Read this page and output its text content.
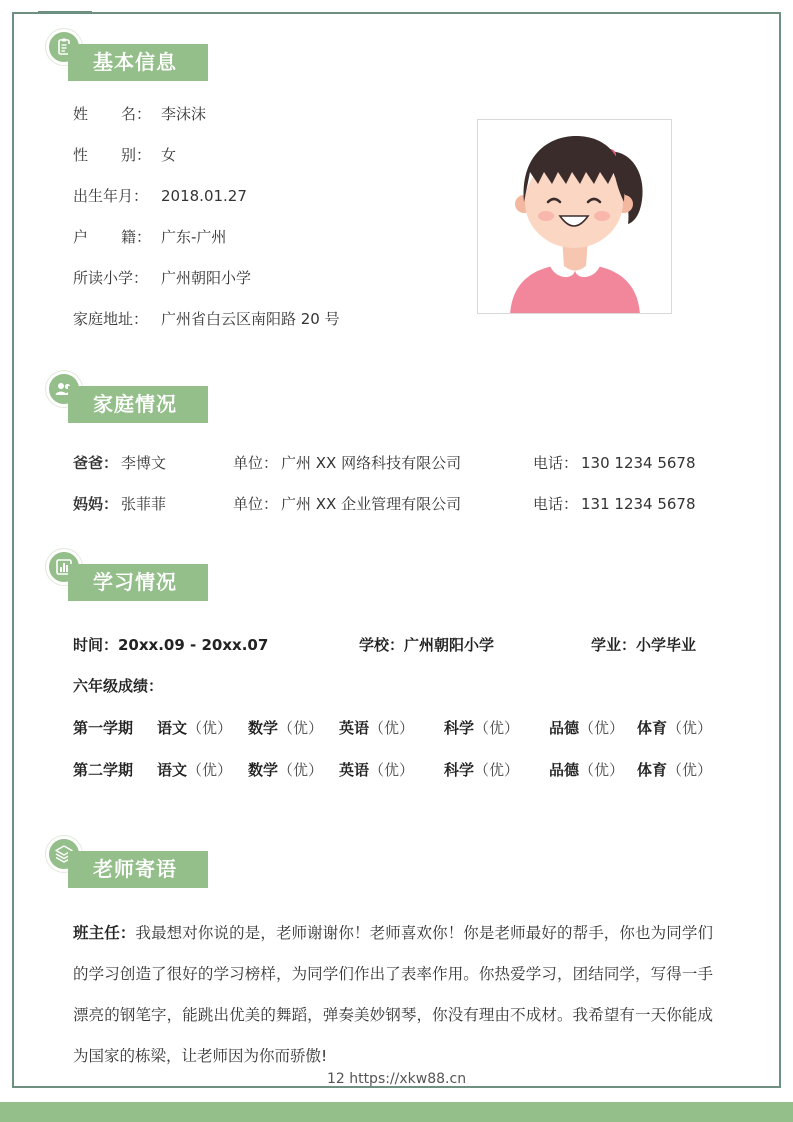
基本信息
姓 名： 李沫沫
性 别： 女
出生年月： 2018.01.27
户 籍： 广东-广州
所读小学： 广州朝阳小学
家庭地址： 广州省白云区南阳路 20 号
家庭情况
爸爸： 李博文	单位： 广州 XX 网络科技有限公司	电话： 130 1234 5678
妈妈： 张菲菲	单位： 广州 XX 企业管理有限公司	电话： 131 1234 5678
学习情况
时间：20xx.09 - 20xx.07	学校：广州朝阳小学	学业：小学毕业
六年级成绩：
第一学期 语文（优） 数学（优） 英语（优） 科学（优） 品德（优） 体育（优）
第二学期 语文（优） 数学（优） 英语（优） 科学（优） 品德（优） 体育（优）
老师寄语
班主任：我最想对你说的是，老师谢谢你！老师喜欢你！你是老师最好的帮手，你也为同学们的学习创造了很好的学习榜样，为同学们作出了表率作用。你热爱学习，团结同学，写得一手漂亮的钢笔字，能跳出优美的舞蹈，弹奏美妙钢琴，你没有理由不成材。我希望有一天你能成为国家的栋梁，让老师因为你而骄傲!
12 https://xkw88.cn
